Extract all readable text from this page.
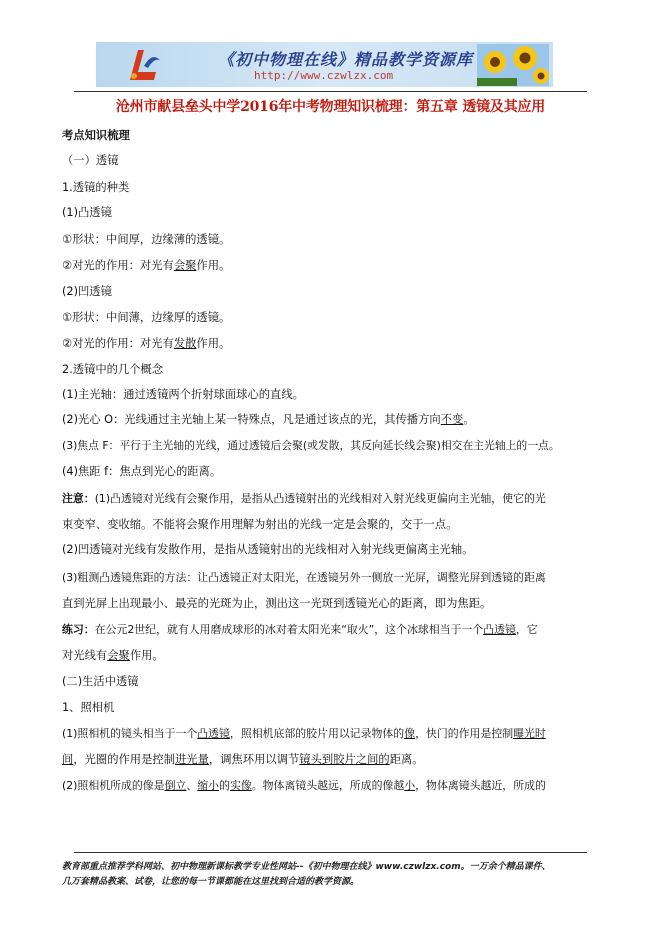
《初中物理在线》精品教学资源库
http://www.czwlzx.com
沧州市献县垒头中学2016年中考物理知识梳理：第五章 透镜及其应用
考点知识梳理
（一）透镜
1.透镜的种类
(1)凸透镜
①形状：中间厚，边缘薄的透镜。
②对光的作用：对光有会聚作用。
(2)凹透镜
①形状：中间薄，边缘厚的透镜。
②对光的作用：对光有发散作用。
2.透镜中的几个概念
(1)主光轴：通过透镜两个折射球面球心的直线。
(2)光心 O：光线通过主光轴上某一特殊点，凡是通过该点的光，其传播方向不变。
(3)焦点 F：平行于主光轴的光线，通过透镜后会聚(或发散，其反向延长线会聚)相交在主光轴上的一点。
(4)焦距 f：焦点到光心的距离。
注意：(1)凸透镜对光线有会聚作用，是指从凸透镜射出的光线相对入射光线更偏向主光轴，使它的光
束变窄、变收缩。不能将会聚作用理解为射出的光线一定是会聚的，交于一点。
(2)凹透镜对光线有发散作用，是指从透镜射出的光线相对入射光线更偏离主光轴。
(3)粗测凸透镜焦距的方法：让凸透镜正对太阳光，在透镜另外一侧放一光屏，调整光屏到透镜的距离
直到光屏上出现最小、最亮的光斑为止，测出这一光斑到透镜光心的距离，即为焦距。
练习：在公元2世纪，就有人用磨成球形的冰对着太阳光来“取火”，这个冰球相当于一个凸透镜，它
对光线有会聚作用。
(二)生活中透镜
1、照相机
(1)照相机的镜头相当于一个凸透镜，照相机底部的胶片用以记录物体的像，快门的作用是控制曝光时
间，光圈的作用是控制进光量，调焦环用以调节镜头到胶片之间的距离。
(2)照相机所成的像是倒立、缩小的实像。物体离镜头越远，所成的像越小，物体离镜头越近，所成的
教育部重点推荐学科网站、初中物理新课标教学专业性网站--《初中物理在线》www.czwlzx.com。一万余个精品课件、
几万套精品教案、试卷，让您的每一节课都能在这里找到合适的教学资源。
